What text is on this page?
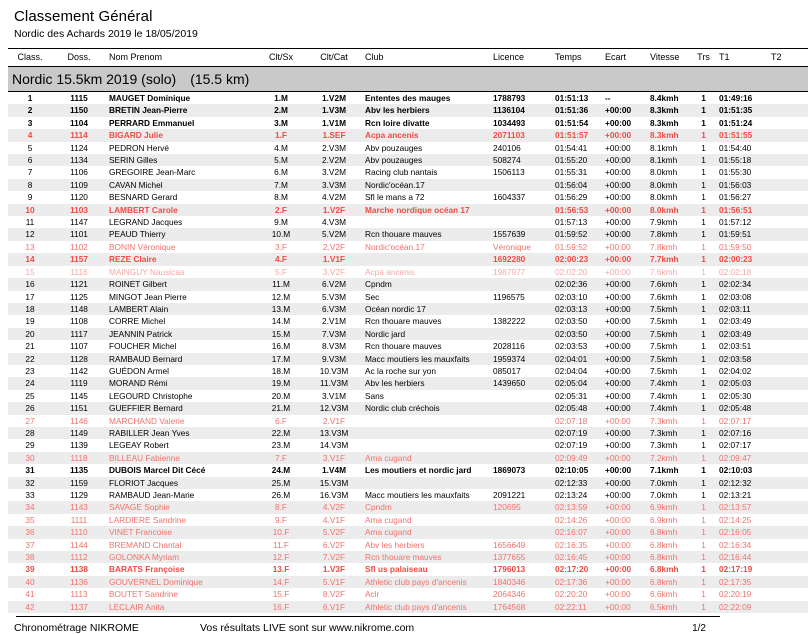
Classement Général
Nordic des Achards 2019 le 18/05/2019
Class.	Doss.	Nom Prenom	Clt/Sx	Clt/Cat	Club	Licence	Temps	Ecart	Vitesse	Trs	T1	T2
Nordic 15.5km 2019 (solo) (15.5 km)												
1	1115	MAUGET Dominique	1.M	1.V2M	Ententes des mauges	1788793	01:51:13	--	8.4kmh	1	01:49:16	
2	1150	BRETIN Jean-Pierre	2.M	1.V3M	Abv les herbiers	1136104	01:51:36	+00:00	8.3kmh	1	01:51:35	
3	1104	PERRARD Emmanuel	3.M	1.V1M	Rcn loire divatte	1034493	01:51:54	+00:00	8.3kmh	1	01:51:24	
4	1114	BIGARD Julie	1.F	1.SEF	Acpa ancenis	2071103	01:51:57	+00:00	8.3kmh	1	01:51:55	
5	1124	PEDRON Hervé	4.M	2.V3M	Abv pouzauges	240106	01:54:41	+00:00	8.1kmh	1	01:54:40	
6	1134	SERIN Gilles	5.M	2.V2M	Abv pouzauges	508274	01:55:20	+00:00	8.1kmh	1	01:55:18	
7	1106	GREGOIRE Jean-Marc	6.M	3.V2M	Racing club nantais	1506113	01:55:31	+00:00	8.0kmh	1	01:55:30	
8	1109	CAVAN Michel	7.M	3.V3M	Nordic'océan.17		01:56:04	+00:00	8.0kmh	1	01:56:03	
9	1120	BESNARD Gerard	8.M	4.V2M	Sfl le mans a 72	1604337	01:56:29	+00:00	8.0kmh	1	01:56:27	
10	1103	LAMBERT Carole	2.F	1.V2F	Marche nordique océan 17		01:56:53	+00:00	8.0kmh	1	01:56:51	
11	1147	LEGRAND Jacques	9.M	4.V3M			01:57:13	+00:00	7.9kmh	1	01:57:12	
12	1101	PEAUD Thierry	10.M	5.V2M	Rcn thouare mauves	1557639	01:59:52	+00:00	7.8kmh	1	01:59:51	
13	1102	BONIN Véronique	3.F	2.V2F	Nordic'océan.17	Véronique	01:59:52	+00:00	7.8kmh	1	01:59:50	
14	1157	REZE Claire	4.F	1.V1F		1692280	02:00:23	+00:00	7.7kmh	1	02:00:23	
15	1116	MAINGUY Nausicaa	5.F	3.V2F	Acpa ancenis	1987977	02:02:20	+00:00	7.6kmh	1	02:02:18	
16	1121	ROINET Gilbert	11.M	6.V2M	Cpndm		02:02:36	+00:00	7.6kmh	1	02:02:34	
17	1125	MINGOT Jean Pierre	12.M	5.V3M	Sec	1196575	02:03:10	+00:00	7.6kmh	1	02:03:08	
18	1148	LAMBERT Alain	13.M	6.V3M	Océan nordic 17		02:03:13	+00:00	7.5kmh	1	02:03:11	
19	1108	CORRE Michel	14.M	2.V1M	Rcn thouare mauves	1382222	02:03:50	+00:00	7.5kmh	1	02:03:49	
20	1117	JEANNIN Patrick	15.M	7.V3M	Nordic jard		02:03:50	+00:00	7.5kmh	1	02:03:49	
21	1107	FOUCHER Michel	16.M	8.V3M	Rcn thouare mauves	2028116	02:03:53	+00:00	7.5kmh	1	02:03:51	
22	1128	RAMBAUD Bernard	17.M	9.V3M	Macc moutiers les mauxfaits	1959374	02:04:01	+00:00	7.5kmh	1	02:03:58	
23	1142	GUÉDON Armel	18.M	10.V3M	Ac la roche sur yon	085017	02:04:04	+00:00	7.5kmh	1	02:04:02	
24	1119	MORAND Rémi	19.M	11.V3M	Abv les herbiers	1439650	02:05:04	+00:00	7.4kmh	1	02:05:03	
25	1145	LEGOURD Christophe	20.M	3.V1M	Sans		02:05:31	+00:00	7.4kmh	1	02:05:30	
26	1151	GUEFFIER Bernard	21.M	12.V3M	Nordic club créchois		02:05:48	+00:00	7.4kmh	1	02:05:48	
27	1146	MARCHAND Valerie	6.F	2.V1F			02:07:18	+00:00	7.3kmh	1	02:07:17	
28	1149	RABILLER Jean Yves	22.M	13.V3M			02:07:19	+00:00	7.3kmh	1	02:07:16	
29	1139	LEGEAY Robert	23.M	14.V3M			02:07:19	+00:00	7.3kmh	1	02:07:17	
30	1118	BILLEAU Fabienne	7.F	3.V1F	Ama cugand		02:09:49	+00:00	7.2kmh	1	02:09:47	
31	1135	DUBOIS Marcel Dit Cécé	24.M	1.V4M	Les moutiers et nordic jard	1869073	02:10:05	+00:00	7.1kmh	1	02:10:03	
32	1159	FLORIOT Jacques	25.M	15.V3M			02:12:33	+00:00	7.0kmh	1	02:12:32	
33	1129	RAMBAUD Jean-Marie	26.M	16.V3M	Macc moutiers les mauxfaits	2091221	02:13:24	+00:00	7.0kmh	1	02:13:21	
34	1143	SAVAGE Sophie	8.F	4.V2F	Cpndm	120695	02:13:59	+00:00	6.9kmh	1	02:13:57	
35	1111	LARDIERE Sandrine	9.F	4.V1F	Ama cugand		02:14:26	+00:00	6.9kmh	1	02:14:25	
36	1110	VINET Francoise	10.F	5.V2F	Ama cugand		02:16:07	+00:00	6.8kmh	1	02:16:05	
37	1144	BREMAND Chantal	11.F	6.V2F	Abv les herbiers	1656649	02:16:35	+00:00	6.8kmh	1	02:16:34	
38	1112	GOLONKA Myriam	12.F	7.V2F	Rcn thouare mauves	1377655	02:16:45	+00:00	6.8kmh	1	02:16:44	
39	1138	BARATS Françoise	13.F	1.V3F	Sfl us palaiseau	1796013	02:17:20	+00:00	6.8kmh	1	02:17:19	
40	1136	GOUVERNEL Dominique	14.F	5.V1F	Athletic club pays d'ancenis	1840346	02:17:36	+00:00	6.8kmh	1	02:17:35	
41	1113	BOUTET Sandrine	15.F	8.V2F	Aclr	2064346	02:20:20	+00:00	6.6kmh	1	02:20:19	
42	1137	LECLAIR Anita	16.F	6.V1F	Athletic club pays d'ancenis	1764568	02:22:11	+00:00	6.5kmh	1	02:22:09	
Chronométrage NIKROME	Vos résultats LIVE sont sur www.nikrome.com	1/2
